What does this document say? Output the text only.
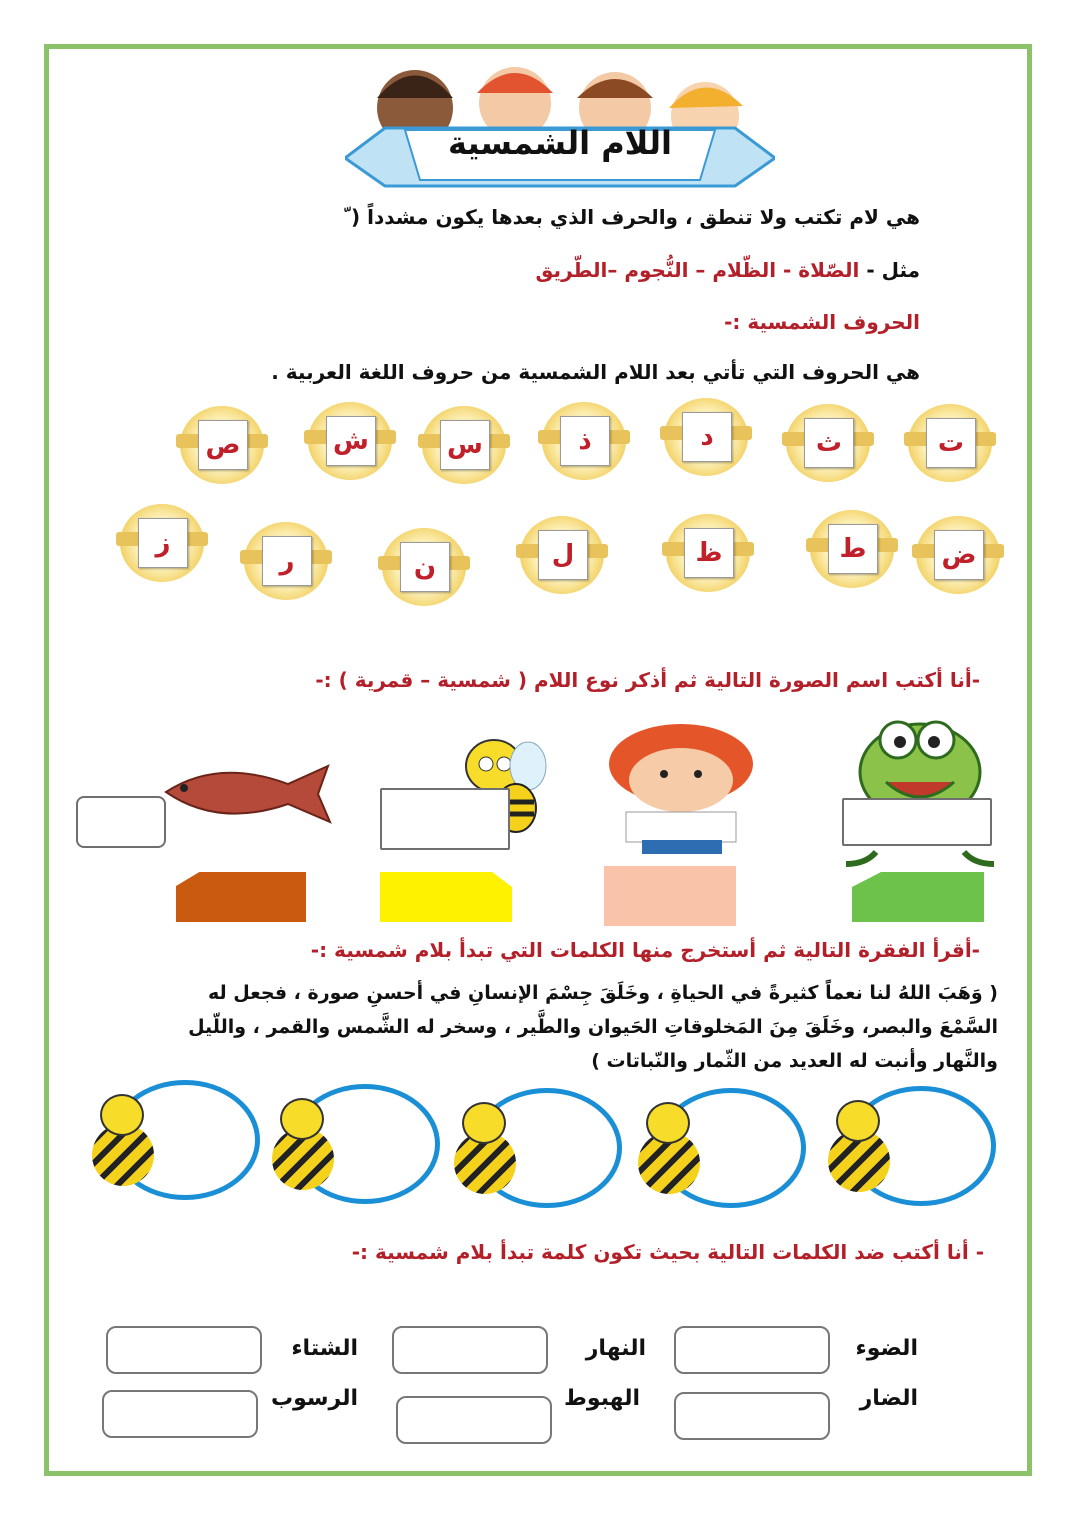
اللام الشمسية
هي لام تكتب ولا تنطق ، والحرف الذي بعدها يكون مشدداً ( ّ
مثل - الصّلاة - الظّلام – النُّجوم –الطّريق
الحروف الشمسية :-
هي الحروف التي تأتي بعد اللام الشمسية من حروف اللغة العربية .
ت
ث
د
ذ
س
ش
ص
ض
ط
ظ
ل
ن
ر
ز
-أنا أكتب اسم الصورة التالية ثم أذكر نوع اللام ( شمسية – قمرية ) :-
-أقرأ الفقرة التالية ثم أستخرج منها الكلمات التي تبدأ بلام شمسية :-
( وَهَبَ اللهُ لنا نعماً كثيرةً في الحياةِ ، وخَلَقَ جِسْمَ الإنسانِ في أحسنِ صورة ، فجعل له السَّمْعَ والبصر، وخَلَقَ مِنَ المَخلوقاتِ الحَيوان والطَّير ، وسخر له الشَّمس والقمر ، واللّيل والنَّهار وأنبت له العديد من الثّمار والنّباتات )
- أنا أكتب ضد الكلمات التالية بحيث تكون كلمة تبدأ بلام شمسية :-
الضوء
النهار
الشتاء
الضار
الهبوط
الرسوب
